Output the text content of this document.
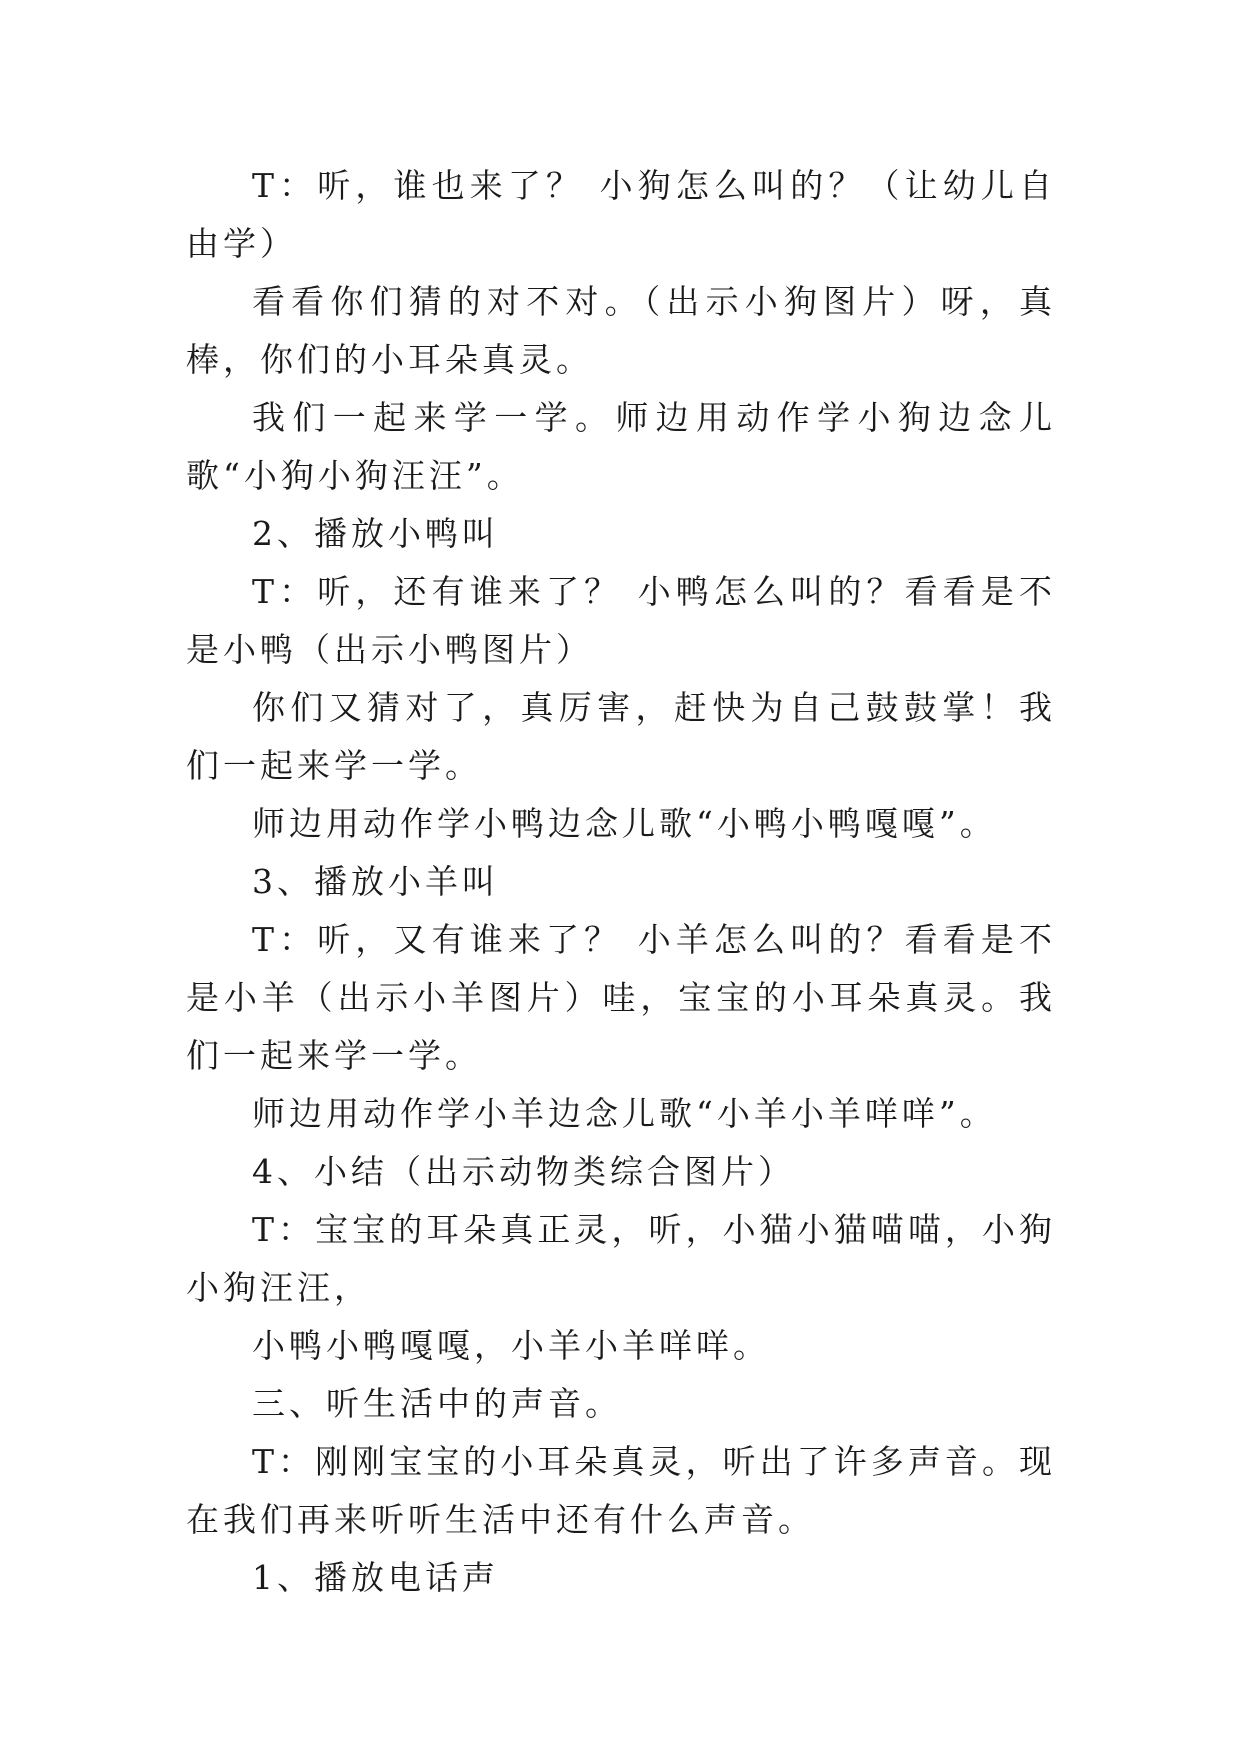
T：听，谁也来了？ 小狗怎么叫的？（让幼儿自由学）

看看你们猜的对不对。（出示小狗图片）呀，真棒，你们的小耳朵真灵。

我们一起来学一学。师边用动作学小狗边念儿歌“小狗小狗汪汪”。

2、播放小鸭叫

T：听，还有谁来了？ 小鸭怎么叫的？看看是不是小鸭（出示小鸭图片）

你们又猜对了，真厉害，赶快为自己鼓鼓掌！我们一起来学一学。

师边用动作学小鸭边念儿歌“小鸭小鸭嘎嘎”。

3、播放小羊叫

T：听，又有谁来了？ 小羊怎么叫的？看看是不是小羊（出示小羊图片）哇，宝宝的小耳朵真灵。我们一起来学一学。

师边用动作学小羊边念儿歌“小羊小羊咩咩”。

4、小结（出示动物类综合图片）

T：宝宝的耳朵真正灵，听，小猫小猫喵喵，小狗小狗汪汪，

小鸭小鸭嘎嘎，小羊小羊咩咩。

三、听生活中的声音。

T：刚刚宝宝的小耳朵真灵，听出了许多声音。现在我们再来听听生活中还有什么声音。

1、播放电话声
